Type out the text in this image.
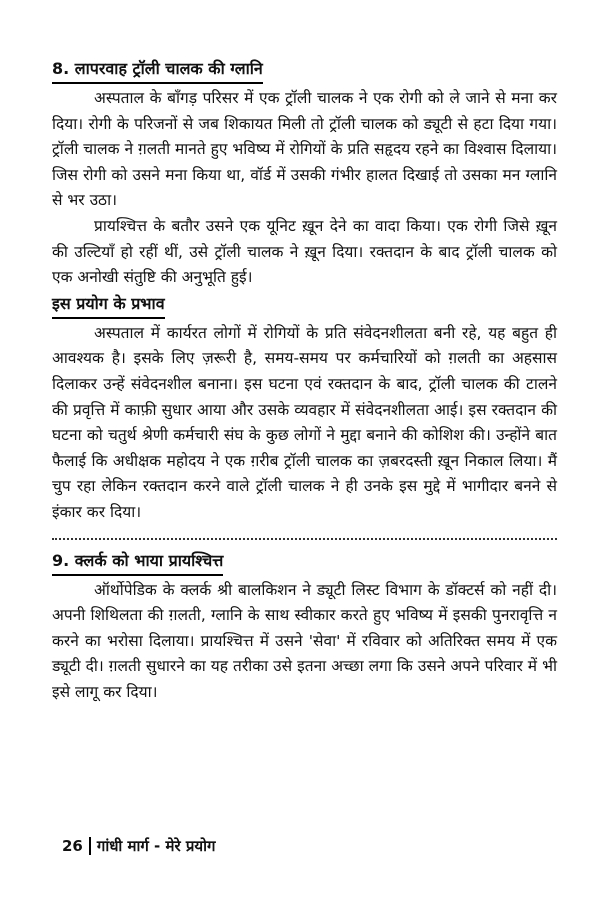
8. लापरवाह ट्रॉली चालक की ग्लानि

अस्पताल के बाँगड़ परिसर में एक ट्रॉली चालक ने एक रोगी को ले जाने से मना कर दिया। रोगी के परिजनों से जब शिकायत मिली तो ट्रॉली चालक को ड्यूटी से हटा दिया गया। ट्रॉली चालक ने ग़लती मानते हुए भविष्य में रोगियों के प्रति सहृदय रहने का विश्वास दिलाया। जिस रोगी को उसने मना किया था, वॉर्ड में उसकी गंभीर हालत दिखाई तो उसका मन ग्लानि से भर उठा।

प्रायश्चित्त के बतौर उसने एक यूनिट ख़ून देने का वादा किया। एक रोगी जिसे ख़ून की उल्टियाँ हो रहीं थीं, उसे ट्रॉली चालक ने ख़ून दिया। रक्तदान के बाद ट्रॉली चालक को एक अनोखी संतुष्टि की अनुभूति हुई।

इस प्रयोग के प्रभाव

अस्पताल में कार्यरत लोगों में रोगियों के प्रति संवेदनशीलता बनी रहे, यह बहुत ही आवश्यक है। इसके लिए ज़रूरी है, समय-समय पर कर्मचारियों को ग़लती का अहसास दिलाकर उन्हें संवेदनशील बनाना। इस घटना एवं रक्तदान के बाद, ट्रॉली चालक की टालने की प्रवृत्ति में काफ़ी सुधार आया और उसके व्यवहार में संवेदनशीलता आई। इस रक्तदान की घटना को चतुर्थ श्रेणी कर्मचारी संघ के कुछ लोगों ने मुद्दा बनाने की कोशिश की। उन्होंने बात फैलाई कि अधीक्षक महोदय ने एक ग़रीब ट्रॉली चालक का ज़बरदस्ती ख़ून निकाल लिया। मैं चुप रहा लेकिन रक्तदान करने वाले ट्रॉली चालक ने ही उनके इस मुद्दे में भागीदार बनने से इंकार कर दिया।

9. क्लर्क को भाया प्रायश्चित्त

ऑर्थोपेडिक के क्लर्क श्री बालकिशन ने ड्यूटी लिस्ट विभाग के डॉक्टर्स को नहीं दी। अपनी शिथिलता की ग़लती, ग्लानि के साथ स्वीकार करते हुए भविष्य में इसकी पुनरावृत्ति न करने का भरोसा दिलाया। प्रायश्चित्त में उसने 'सेवा' में रविवार को अतिरिक्त समय में एक ड्यूटी दी। ग़लती सुधारने का यह तरीका उसे इतना अच्छा लगा कि उसने अपने परिवार में भी इसे लागू कर दिया।

26 गांधी मार्ग - मेरे प्रयोग
